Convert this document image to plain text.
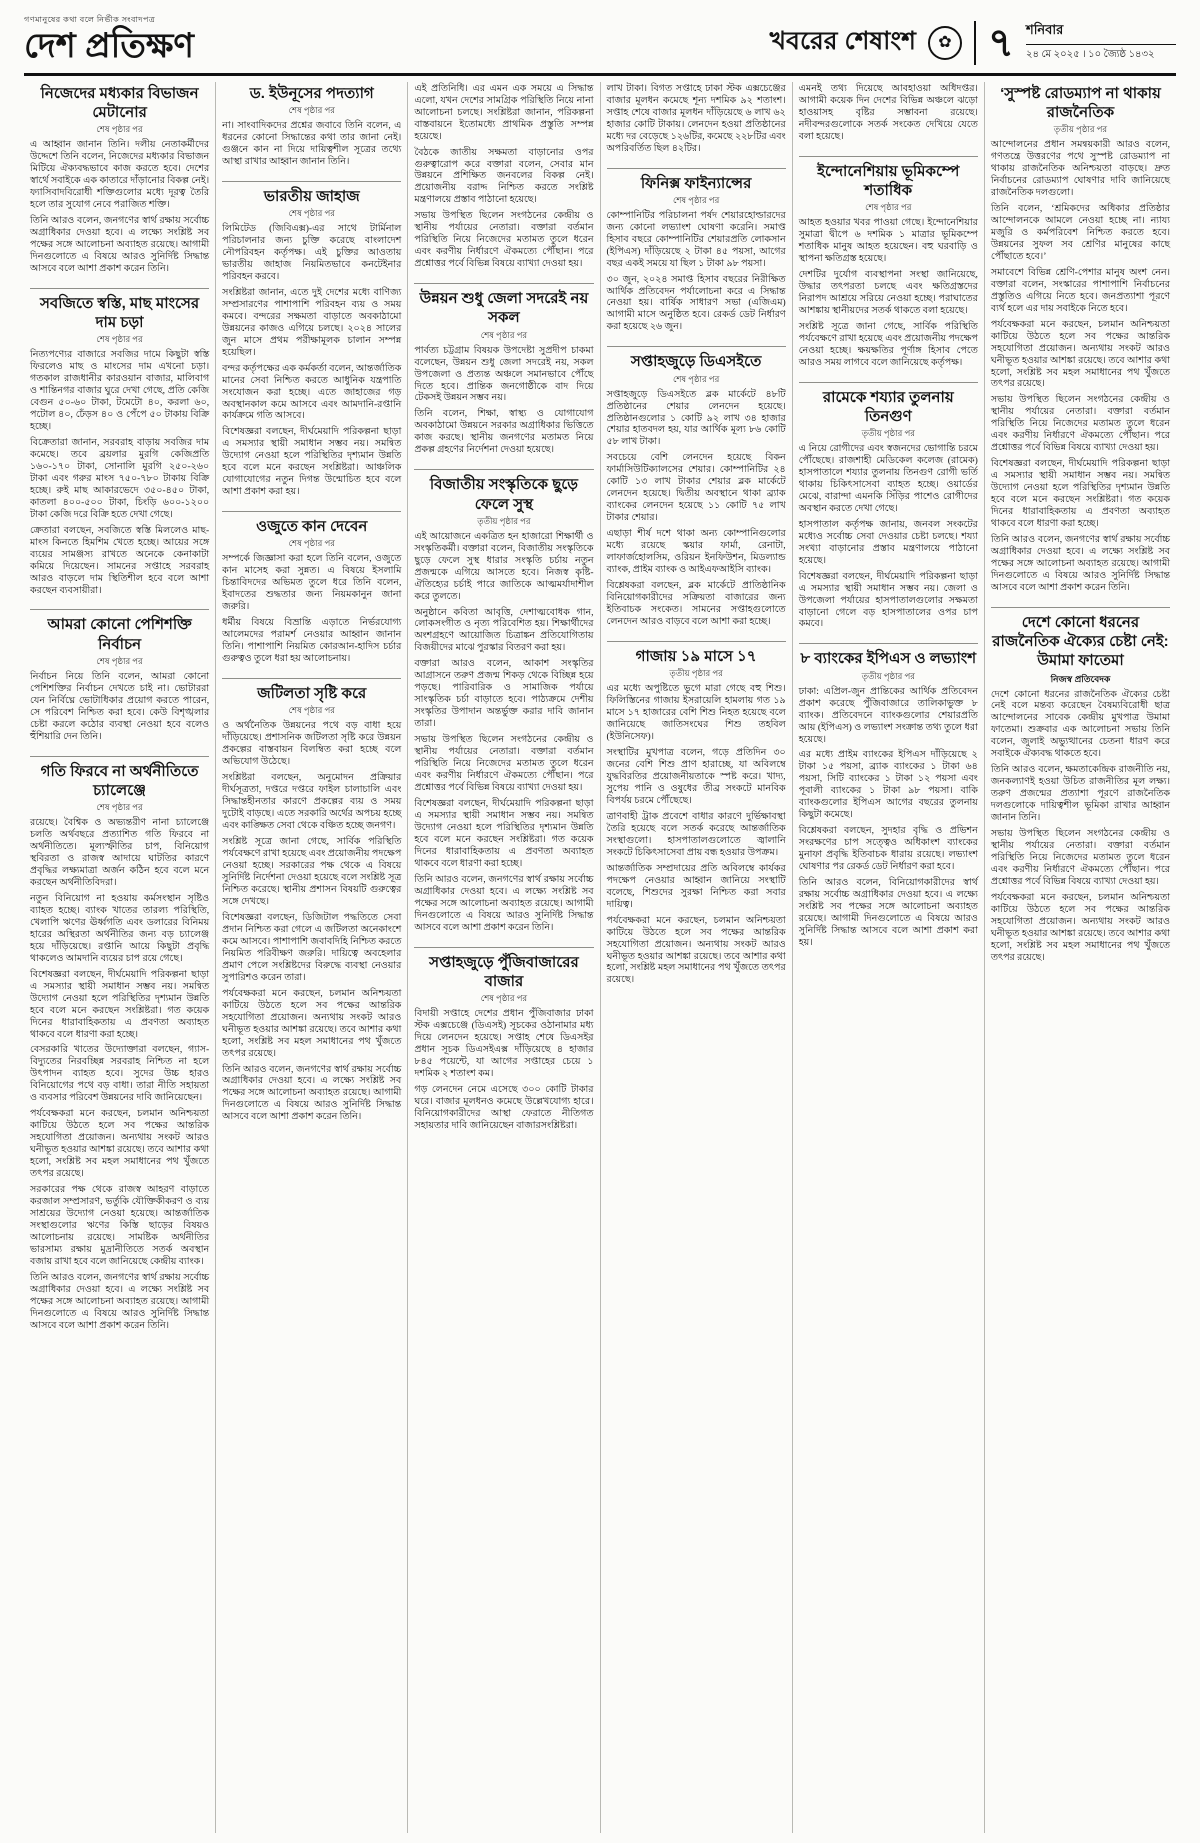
গণমানুষের কথা বলে নির্ভীক সংবাদপত্র
দেশ প্রতিক্ষণ	খবরের শেষাংশ	✿ ৭ শনিবার
২৪ মে ২০২৫ । ১০ জ্যৈষ্ঠ ১৪৩২
নিজেদের মধ্যকার বিভাজন মেটানোর
শেষ পৃষ্ঠার পর

এ আহ্বান জানান তিনি। দলীয় নেতাকর্মীদের উদ্দেশে তিনি বলেন, নিজেদের মধ্যকার বিভাজন মিটিয়ে ঐক্যবদ্ধভাবে কাজ করতে হবে। দেশের স্বার্থে সবাইকে এক কাতারে দাঁড়ানোর বিকল্প নেই। ফ্যাসিবাদবিরোধী শক্তিগুলোর মধ্যে দূরত্ব তৈরি হলে তার সুযোগ নেবে পরাজিত শক্তি।

তিনি আরও বলেন, জনগণের স্বার্থ রক্ষায় সর্বোচ্চ অগ্রাধিকার দেওয়া হবে। এ লক্ষ্যে সংশ্লিষ্ট সব পক্ষের সঙ্গে আলোচনা অব্যাহত রয়েছে। আগামী দিনগুলোতে এ বিষয়ে আরও সুনির্দিষ্ট সিদ্ধান্ত আসবে বলে আশা প্রকাশ করেন তিনি।

সবজিতে স্বস্তি, মাছ মাংসের দাম চড়া
শেষ পৃষ্ঠার পর

নিত্যপণ্যের বাজারে সবজির দামে কিছুটা স্বস্তি ফিরলেও মাছ ও মাংসের দাম এখনো চড়া। গতকাল রাজধানীর কারওয়ান বাজার, মালিবাগ ও শান্তিনগর বাজার ঘুরে দেখা গেছে, প্রতি কেজি বেগুন ৫০-৬০ টাকা, টমেটো ৪০, করলা ৬০, পটোল ৪০, ঢেঁড়স ৪০ ও পেঁপে ৫০ টাকায় বিক্রি হচ্ছে।

বিক্রেতারা জানান, সরবরাহ বাড়ায় সবজির দাম কমেছে। তবে ব্রয়লার মুরগি কেজিপ্রতি ১৬০-১৭০ টাকা, সোনালি মুরগি ২৫০-২৬০ টাকা এবং গরুর মাংস ৭৫০-৭৮০ টাকায় বিক্রি হচ্ছে। রুই মাছ আকারভেদে ৩৫০-৪৫০ টাকা, কাতলা ৪০০-৫০০ টাকা, চিংড়ি ৬০০-১২০০ টাকা কেজি দরে বিক্রি হতে দেখা গেছে।

ক্রেতারা বলছেন, সবজিতে স্বস্তি মিললেও মাছ-মাংস কিনতে হিমশিম খেতে হচ্ছে। আয়ের সঙ্গে ব্যয়ের সামঞ্জস্য রাখতে অনেকে কেনাকাটা কমিয়ে দিয়েছেন। সামনের সপ্তাহে সরবরাহ আরও বাড়লে দাম স্থিতিশীল হবে বলে আশা করছেন ব্যবসায়ীরা।

আমরা কোনো পেশিশক্তি নির্বাচন
শেষ পৃষ্ঠার পর

নির্বাচন নিয়ে তিনি বলেন, আমরা কোনো পেশিশক্তির নির্বাচন দেখতে চাই না। ভোটাররা যেন নির্বিঘ্নে ভোটাধিকার প্রয়োগ করতে পারেন, সে পরিবেশ নিশ্চিত করা হবে। কেউ বিশৃঙ্খলার চেষ্টা করলে কঠোর ব্যবস্থা নেওয়া হবে বলেও হুঁশিয়ারি দেন তিনি।

গতি ফিরবে না অর্থনীতিতে চ্যালেঞ্জে
শেষ পৃষ্ঠার পর

রয়েছে। বৈশ্বিক ও অভ্যন্তরীণ নানা চ্যালেঞ্জে চলতি অর্থবছরে প্রত্যাশিত গতি ফিরবে না অর্থনীতিতে। মূল্যস্ফীতির চাপ, বিনিয়োগ স্থবিরতা ও রাজস্ব আদায়ে ঘাটতির কারণে প্রবৃদ্ধির লক্ষ্যমাত্রা অর্জন কঠিন হবে বলে মনে করছেন অর্থনীতিবিদরা।

নতুন বিনিয়োগ না হওয়ায় কর্মসংস্থান সৃষ্টিও ব্যাহত হচ্ছে। ব্যাংক খাতের তারল্য পরিস্থিতি, খেলাপি ঋণের ঊর্ধ্বগতি এবং ডলারের বিনিময় হারের অস্থিরতা অর্থনীতির জন্য বড় চ্যালেঞ্জ হয়ে দাঁড়িয়েছে। রপ্তানি আয়ে কিছুটা প্রবৃদ্ধি থাকলেও আমদানি ব্যয়ের চাপ রয়ে গেছে।

বিশেষজ্ঞরা বলছেন, দীর্ঘমেয়াদি পরিকল্পনা ছাড়া এ সমস্যার স্থায়ী সমাধান সম্ভব নয়। সমন্বিত উদ্যোগ নেওয়া হলে পরিস্থিতির দৃশ্যমান উন্নতি হবে বলে মনে করছেন সংশ্লিষ্টরা। গত কয়েক দিনের ধারাবাহিকতায় এ প্রবণতা অব্যাহত থাকবে বলে ধারণা করা হচ্ছে।

বেসরকারি খাতের উদ্যোক্তারা বলছেন, গ্যাস-বিদ্যুতের নিরবচ্ছিন্ন সরবরাহ নিশ্চিত না হলে উৎপাদন ব্যাহত হবে। সুদের উচ্চ হারও বিনিয়োগের পথে বড় বাধা। তারা নীতি সহায়তা ও ব্যবসার পরিবেশ উন্নয়নের দাবি জানিয়েছেন।

পর্যবেক্ষকরা মনে করছেন, চলমান অনিশ্চয়তা কাটিয়ে উঠতে হলে সব পক্ষের আন্তরিক সহযোগিতা প্রয়োজন। অন্যথায় সংকট আরও ঘনীভূত হওয়ার আশঙ্কা রয়েছে। তবে আশার কথা হলো, সংশ্লিষ্ট সব মহল সমাধানের পথ খুঁজতে তৎপর রয়েছে।

সরকারের পক্ষ থেকে রাজস্ব আহরণ বাড়াতে করজাল সম্প্রসারণ, ভর্তুকি যৌক্তিকীকরণ ও ব্যয় সাশ্রয়ের উদ্যোগ নেওয়া হয়েছে। আন্তর্জাতিক সংস্থাগুলোর ঋণের কিস্তি ছাড়ের বিষয়ও আলোচনায় রয়েছে। সামষ্টিক অর্থনীতির ভারসাম্য রক্ষায় মুদ্রানীতিতে সতর্ক অবস্থান বজায় রাখা হবে বলে জানিয়েছে কেন্দ্রীয় ব্যাংক।

তিনি আরও বলেন, জনগণের স্বার্থ রক্ষায় সর্বোচ্চ অগ্রাধিকার দেওয়া হবে। এ লক্ষ্যে সংশ্লিষ্ট সব পক্ষের সঙ্গে আলোচনা অব্যাহত রয়েছে। আগামী দিনগুলোতে এ বিষয়ে আরও সুনির্দিষ্ট সিদ্ধান্ত আসবে বলে আশা প্রকাশ করেন তিনি।

ড. ইউনূসের পদত্যাগ
শেষ পৃষ্ঠার পর

না। সাংবাদিকদের প্রশ্নের জবাবে তিনি বলেন, এ ধরনের কোনো সিদ্ধান্তের কথা তার জানা নেই। গুঞ্জনে কান না দিয়ে দায়িত্বশীল সূত্রের তথ্যে আস্থা রাখার আহ্বান জানান তিনি।

ভারতীয় জাহাজ
শেষ পৃষ্ঠার পর

লিমিটেড (জিবিএক্স)-এর সাথে টার্মিনাল পরিচালনার জন্য চুক্তি করেছে বাংলাদেশ নৌপরিবহন কর্তৃপক্ষ। এই চুক্তির আওতায় ভারতীয় জাহাজ নিয়মিতভাবে কনটেইনার পরিবহন করবে।

সংশ্লিষ্টরা জানান, এতে দুই দেশের মধ্যে বাণিজ্য সম্প্রসারণের পাশাপাশি পরিবহন ব্যয় ও সময় কমবে। বন্দরের সক্ষমতা বাড়াতে অবকাঠামো উন্নয়নের কাজও এগিয়ে চলছে। ২০২৪ সালের জুন মাসে প্রথম পরীক্ষামূলক চালান সম্পন্ন হয়েছিল।

বন্দর কর্তৃপক্ষের এক কর্মকর্তা বলেন, আন্তর্জাতিক মানের সেবা নিশ্চিত করতে আধুনিক যন্ত্রপাতি সংযোজন করা হচ্ছে। এতে জাহাজের গড় অবস্থানকাল কমে আসবে এবং আমদানি-রপ্তানি কার্যক্রমে গতি আসবে।

বিশেষজ্ঞরা বলছেন, দীর্ঘমেয়াদি পরিকল্পনা ছাড়া এ সমস্যার স্থায়ী সমাধান সম্ভব নয়। সমন্বিত উদ্যোগ নেওয়া হলে পরিস্থিতির দৃশ্যমান উন্নতি হবে বলে মনে করছেন সংশ্লিষ্টরা। আঞ্চলিক যোগাযোগের নতুন দিগন্ত উন্মোচিত হবে বলে আশা প্রকাশ করা হয়।

ওজুতে কান দেবেন
শেষ পৃষ্ঠার পর

সম্পর্কে জিজ্ঞাসা করা হলে তিনি বলেন, ওজুতে কান মাসেহ করা সুন্নত। এ বিষয়ে ইসলামি চিন্তাবিদদের অভিমত তুলে ধরে তিনি বলেন, ইবাদতের শুদ্ধতার জন্য নিয়মকানুন জানা জরুরি।

ধর্মীয় বিষয়ে বিভ্রান্তি এড়াতে নির্ভরযোগ্য আলেমদের পরামর্শ নেওয়ার আহ্বান জানান তিনি। পাশাপাশি নিয়মিত কোরআন-হাদিস চর্চার গুরুত্বও তুলে ধরা হয় আলোচনায়।

জটিলতা সৃষ্টি করে
শেষ পৃষ্ঠার পর

ও অর্থনৈতিক উন্নয়নের পথে বড় বাধা হয়ে দাঁড়িয়েছে। প্রশাসনিক জটিলতা সৃষ্টি করে উন্নয়ন প্রকল্পের বাস্তবায়ন বিলম্বিত করা হচ্ছে বলে অভিযোগ উঠেছে।

সংশ্লিষ্টরা বলছেন, অনুমোদন প্রক্রিয়ার দীর্ঘসূত্রতা, দপ্তরে দপ্তরে ফাইল চালাচালি এবং সিদ্ধান্তহীনতার কারণে প্রকল্পের ব্যয় ও সময় দুটোই বাড়ছে। এতে সরকারি অর্থের অপচয় হচ্ছে এবং কাঙ্ক্ষিত সেবা থেকে বঞ্চিত হচ্ছে জনগণ।

সংশ্লিষ্ট সূত্রে জানা গেছে, সার্বিক পরিস্থিতি পর্যবেক্ষণে রাখা হয়েছে এবং প্রয়োজনীয় পদক্ষেপ নেওয়া হচ্ছে। সরকারের পক্ষ থেকে এ বিষয়ে সুনির্দিষ্ট নির্দেশনা দেওয়া হয়েছে বলে সংশ্লিষ্ট সূত্র নিশ্চিত করেছে। স্থানীয় প্রশাসন বিষয়টি গুরুত্বের সঙ্গে দেখছে।

বিশেষজ্ঞরা বলছেন, ডিজিটাল পদ্ধতিতে সেবা প্রদান নিশ্চিত করা গেলে এ জটিলতা অনেকাংশে কমে আসবে। পাশাপাশি জবাবদিহি নিশ্চিত করতে নিয়মিত পরিবীক্ষণ জরুরি। দায়িত্বে অবহেলার প্রমাণ পেলে সংশ্লিষ্টদের বিরুদ্ধে ব্যবস্থা নেওয়ার সুপারিশও করেন তারা।

পর্যবেক্ষকরা মনে করছেন, চলমান অনিশ্চয়তা কাটিয়ে উঠতে হলে সব পক্ষের আন্তরিক সহযোগিতা প্রয়োজন। অন্যথায় সংকট আরও ঘনীভূত হওয়ার আশঙ্কা রয়েছে। তবে আশার কথা হলো, সংশ্লিষ্ট সব মহল সমাধানের পথ খুঁজতে তৎপর রয়েছে।

তিনি আরও বলেন, জনগণের স্বার্থ রক্ষায় সর্বোচ্চ অগ্রাধিকার দেওয়া হবে। এ লক্ষ্যে সংশ্লিষ্ট সব পক্ষের সঙ্গে আলোচনা অব্যাহত রয়েছে। আগামী দিনগুলোতে এ বিষয়ে আরও সুনির্দিষ্ট সিদ্ধান্ত আসবে বলে আশা প্রকাশ করেন তিনি।

এই প্রতিনিধি। এর এমন এক সময়ে এ সিদ্ধান্ত এলো, যখন দেশের সামগ্রিক পরিস্থিতি নিয়ে নানা আলোচনা চলছে। সংশ্লিষ্টরা জানান, পরিকল্পনা বাস্তবায়নে ইতোমধ্যে প্রাথমিক প্রস্তুতি সম্পন্ন হয়েছে।

বৈঠকে জাতীয় সক্ষমতা বাড়ানোর ওপর গুরুত্বারোপ করে বক্তারা বলেন, সেবার মান উন্নয়নে প্রশিক্ষিত জনবলের বিকল্প নেই। প্রয়োজনীয় বরাদ্দ নিশ্চিত করতে সংশ্লিষ্ট মন্ত্রণালয়ে প্রস্তাব পাঠানো হয়েছে।

সভায় উপস্থিত ছিলেন সংগঠনের কেন্দ্রীয় ও স্থানীয় পর্যায়ের নেতারা। বক্তারা বর্তমান পরিস্থিতি নিয়ে নিজেদের মতামত তুলে ধরেন এবং করণীয় নির্ধারণে ঐকমত্যে পৌঁছান। পরে প্রশ্নোত্তর পর্বে বিভিন্ন বিষয়ে ব্যাখ্যা দেওয়া হয়।

উন্নয়ন শুধু জেলা সদরেই নয় সকল
শেষ পৃষ্ঠার পর

পার্বত্য চট্টগ্রাম বিষয়ক উপদেষ্টা সুপ্রদীপ চাকমা বলেছেন, উন্নয়ন শুধু জেলা সদরেই নয়, সকল উপজেলা ও প্রত্যন্ত অঞ্চলে সমানভাবে পৌঁছে দিতে হবে। প্রান্তিক জনগোষ্ঠীকে বাদ দিয়ে টেকসই উন্নয়ন সম্ভব নয়।

তিনি বলেন, শিক্ষা, স্বাস্থ্য ও যোগাযোগ অবকাঠামো উন্নয়নে সরকার অগ্রাধিকার ভিত্তিতে কাজ করছে। স্থানীয় জনগণের মতামত নিয়ে প্রকল্প গ্রহণের নির্দেশনা দেওয়া হয়েছে।

বিজাতীয় সংস্কৃতিকে ছুড়ে ফেলে সুস্থ
তৃতীয় পৃষ্ঠার পর

এই আয়োজনে একত্রিত হন হাজারো শিক্ষার্থী ও সংস্কৃতিকর্মী। বক্তারা বলেন, বিজাতীয় সংস্কৃতিকে ছুড়ে ফেলে সুস্থ ধারার সংস্কৃতি চর্চায় নতুন প্রজন্মকে এগিয়ে আসতে হবে। নিজস্ব কৃষ্টি-ঐতিহ্যের চর্চাই পারে জাতিকে আত্মমর্যাদাশীল করে তুলতে।

অনুষ্ঠানে কবিতা আবৃত্তি, দেশাত্মবোধক গান, লোকসংগীত ও নৃত্য পরিবেশিত হয়। শিক্ষার্থীদের অংশগ্রহণে আয়োজিত চিত্রাঙ্কন প্রতিযোগিতায় বিজয়ীদের মাঝে পুরস্কার বিতরণ করা হয়।

বক্তারা আরও বলেন, আকাশ সংস্কৃতির আগ্রাসনে তরুণ প্রজন্ম শিকড় থেকে বিচ্ছিন্ন হয়ে পড়ছে। পারিবারিক ও সামাজিক পর্যায়ে সাংস্কৃতিক চর্চা বাড়াতে হবে। পাঠ্যক্রমে দেশীয় সংস্কৃতির উপাদান অন্তর্ভুক্ত করার দাবি জানান তারা।

সভায় উপস্থিত ছিলেন সংগঠনের কেন্দ্রীয় ও স্থানীয় পর্যায়ের নেতারা। বক্তারা বর্তমান পরিস্থিতি নিয়ে নিজেদের মতামত তুলে ধরেন এবং করণীয় নির্ধারণে ঐকমত্যে পৌঁছান। পরে প্রশ্নোত্তর পর্বে বিভিন্ন বিষয়ে ব্যাখ্যা দেওয়া হয়।

বিশেষজ্ঞরা বলছেন, দীর্ঘমেয়াদি পরিকল্পনা ছাড়া এ সমস্যার স্থায়ী সমাধান সম্ভব নয়। সমন্বিত উদ্যোগ নেওয়া হলে পরিস্থিতির দৃশ্যমান উন্নতি হবে বলে মনে করছেন সংশ্লিষ্টরা। গত কয়েক দিনের ধারাবাহিকতায় এ প্রবণতা অব্যাহত থাকবে বলে ধারণা করা হচ্ছে।

তিনি আরও বলেন, জনগণের স্বার্থ রক্ষায় সর্বোচ্চ অগ্রাধিকার দেওয়া হবে। এ লক্ষ্যে সংশ্লিষ্ট সব পক্ষের সঙ্গে আলোচনা অব্যাহত রয়েছে। আগামী দিনগুলোতে এ বিষয়ে আরও সুনির্দিষ্ট সিদ্ধান্ত আসবে বলে আশা প্রকাশ করেন তিনি।

সপ্তাহজুড়ে পুঁজিবাজারের বাজার
শেষ পৃষ্ঠার পর

বিদায়ী সপ্তাহে দেশের প্রধান পুঁজিবাজার ঢাকা স্টক এক্সচেঞ্জে (ডিএসই) সূচকের ওঠানামার মধ্য দিয়ে লেনদেন হয়েছে। সপ্তাহ শেষে ডিএসইর প্রধান সূচক ডিএসইএক্স দাঁড়িয়েছে ৪ হাজার ৮৪৫ পয়েন্টে, যা আগের সপ্তাহের চেয়ে ১ দশমিক ২ শতাংশ কম।

গড় লেনদেন নেমে এসেছে ৩০০ কোটি টাকার ঘরে। বাজার মূলধনও কমেছে উল্লেখযোগ্য হারে। বিনিয়োগকারীদের আস্থা ফেরাতে নীতিগত সহায়তার দাবি জানিয়েছেন বাজারসংশ্লিষ্টরা।

লাখ টাকা। বিগত সপ্তাহে ঢাকা স্টক এক্সচেঞ্জের বাজার মূলধন কমেছে শূন্য দশমিক ৯২ শতাংশ। সপ্তাহ শেষে বাজার মূলধন দাঁড়িয়েছে ৬ লাখ ৬২ হাজার কোটি টাকায়। লেনদেন হওয়া প্রতিষ্ঠানের মধ্যে দর বেড়েছে ১২৬টির, কমেছে ২২৮টির এবং অপরিবর্তিত ছিল ৪২টির।

ফিনিক্স ফাইন্যান্সের
শেষ পৃষ্ঠার পর

কোম্পানিটির পরিচালনা পর্ষদ শেয়ারহোল্ডারদের জন্য কোনো লভ্যাংশ ঘোষণা করেনি। সমাপ্ত হিসাব বছরে কোম্পানিটির শেয়ারপ্রতি লোকসান (ইপিএস) দাঁড়িয়েছে ২ টাকা ৪৫ পয়সা, আগের বছর একই সময়ে যা ছিল ১ টাকা ৯৮ পয়সা।

৩০ জুন, ২০২৪ সমাপ্ত হিসাব বছরের নিরীক্ষিত আর্থিক প্রতিবেদন পর্যালোচনা করে এ সিদ্ধান্ত নেওয়া হয়। বার্ষিক সাধারণ সভা (এজিএম) আগামী মাসে অনুষ্ঠিত হবে। রেকর্ড ডেট নির্ধারণ করা হয়েছে ২৬ জুন।

সপ্তাহজুড়ে ডিএসইতে
শেষ পৃষ্ঠার পর

সপ্তাহজুড়ে ডিএসইতে ব্লক মার্কেটে ৪৮টি প্রতিষ্ঠানের শেয়ার লেনদেন হয়েছে। প্রতিষ্ঠানগুলোর ১ কোটি ৯২ লাখ ৩৪ হাজার শেয়ার হাতবদল হয়, যার আর্থিক মূল্য ৮৬ কোটি ৫৮ লাখ টাকা।

সবচেয়ে বেশি লেনদেন হয়েছে বিকন ফার্মাসিউটিক্যালসের শেয়ার। কোম্পানিটির ২৪ কোটি ১৩ লাখ টাকার শেয়ার ব্লক মার্কেটে লেনদেন হয়েছে। দ্বিতীয় অবস্থানে থাকা ব্র্যাক ব্যাংকের লেনদেন হয়েছে ১১ কোটি ৭৫ লাখ টাকার শেয়ার।

এছাড়া শীর্ষ দশে থাকা অন্য কোম্পানিগুলোর মধ্যে রয়েছে স্কয়ার ফার্মা, রেনাটা, লাফার্জহোলসিম, ওরিয়ন ইনফিউশন, মিডল্যান্ড ব্যাংক, প্রাইম ব্যাংক ও আইএফআইসি ব্যাংক।

বিশ্লেষকরা বলছেন, ব্লক মার্কেটে প্রাতিষ্ঠানিক বিনিয়োগকারীদের সক্রিয়তা বাজারের জন্য ইতিবাচক সংকেত। সামনের সপ্তাহগুলোতে লেনদেন আরও বাড়বে বলে আশা করা হচ্ছে।

গাজায় ১৯ মাসে ১৭
তৃতীয় পৃষ্ঠার পর

এর মধ্যে অপুষ্টিতে ভুগে মারা গেছে বহু শিশু। ফিলিস্তিনের গাজায় ইসরায়েলি হামলায় গত ১৯ মাসে ১৭ হাজারের বেশি শিশু নিহত হয়েছে বলে জানিয়েছে জাতিসংঘের শিশু তহবিল (ইউনিসেফ)।

সংস্থাটির মুখপাত্র বলেন, গড়ে প্রতিদিন ৩০ জনের বেশি শিশু প্রাণ হারাচ্ছে, যা অবিলম্বে যুদ্ধবিরতির প্রয়োজনীয়তাকে স্পষ্ট করে। খাদ্য, সুপেয় পানি ও ওষুধের তীব্র সংকটে মানবিক বিপর্যয় চরমে পৌঁছেছে।

ত্রাণবাহী ট্রাক প্রবেশে বাধার কারণে দুর্ভিক্ষাবস্থা তৈরি হয়েছে বলে সতর্ক করেছে আন্তর্জাতিক সংস্থাগুলো। হাসপাতালগুলোতে জ্বালানি সংকটে চিকিৎসাসেবা প্রায় বন্ধ হওয়ার উপক্রম।

আন্তর্জাতিক সম্প্রদায়ের প্রতি অবিলম্বে কার্যকর পদক্ষেপ নেওয়ার আহ্বান জানিয়ে সংস্থাটি বলেছে, শিশুদের সুরক্ষা নিশ্চিত করা সবার দায়িত্ব।

পর্যবেক্ষকরা মনে করছেন, চলমান অনিশ্চয়তা কাটিয়ে উঠতে হলে সব পক্ষের আন্তরিক সহযোগিতা প্রয়োজন। অন্যথায় সংকট আরও ঘনীভূত হওয়ার আশঙ্কা রয়েছে। তবে আশার কথা হলো, সংশ্লিষ্ট মহল সমাধানের পথ খুঁজতে তৎপর রয়েছে।

এমনই তথ্য দিয়েছে আবহাওয়া অধিদপ্তর। আগামী কয়েক দিন দেশের বিভিন্ন অঞ্চলে ঝড়ো হাওয়াসহ বৃষ্টির সম্ভাবনা রয়েছে। নদীবন্দরগুলোকে সতর্ক সংকেত দেখিয়ে যেতে বলা হয়েছে।

ইন্দোনেশিয়ায় ভূমিকম্পে শতাধিক
শেষ পৃষ্ঠার পর

আহত হওয়ার খবর পাওয়া গেছে। ইন্দোনেশিয়ার সুমাত্রা দ্বীপে ৬ দশমিক ১ মাত্রার ভূমিকম্পে শতাধিক মানুষ আহত হয়েছেন। বহু ঘরবাড়ি ও স্থাপনা ক্ষতিগ্রস্ত হয়েছে।

দেশটির দুর্যোগ ব্যবস্থাপনা সংস্থা জানিয়েছে, উদ্ধার তৎপরতা চলছে এবং ক্ষতিগ্রস্তদের নিরাপদ আশ্রয়ে সরিয়ে নেওয়া হচ্ছে। পরাঘাতের আশঙ্কায় স্থানীয়দের সতর্ক থাকতে বলা হয়েছে।

সংশ্লিষ্ট সূত্রে জানা গেছে, সার্বিক পরিস্থিতি পর্যবেক্ষণে রাখা হয়েছে এবং প্রয়োজনীয় পদক্ষেপ নেওয়া হচ্ছে। ক্ষয়ক্ষতির পূর্ণাঙ্গ হিসাব পেতে আরও সময় লাগবে বলে জানিয়েছে কর্তৃপক্ষ।

রামেকে শয্যার তুলনায় তিনগুণ
তৃতীয় পৃষ্ঠার পর

এ নিয়ে রোগীদের এবং স্বজনদের ভোগান্তি চরমে পৌঁছেছে। রাজশাহী মেডিকেল কলেজ (রামেক) হাসপাতালে শয্যার তুলনায় তিনগুণ রোগী ভর্তি থাকায় চিকিৎসাসেবা ব্যাহত হচ্ছে। ওয়ার্ডের মেঝে, বারান্দা এমনকি সিঁড়ির পাশেও রোগীদের অবস্থান করতে দেখা গেছে।

হাসপাতাল কর্তৃপক্ষ জানায়, জনবল সংকটের মধ্যেও সর্বোচ্চ সেবা দেওয়ার চেষ্টা চলছে। শয্যা সংখ্যা বাড়ানোর প্রস্তাব মন্ত্রণালয়ে পাঠানো হয়েছে।

বিশেষজ্ঞরা বলছেন, দীর্ঘমেয়াদি পরিকল্পনা ছাড়া এ সমস্যার স্থায়ী সমাধান সম্ভব নয়। জেলা ও উপজেলা পর্যায়ের হাসপাতালগুলোর সক্ষমতা বাড়ানো গেলে বড় হাসপাতালের ওপর চাপ কমবে।

৮ ব্যাংকের ইপিএস ও লভ্যাংশ
তৃতীয় পৃষ্ঠার পর

ঢাকা: এপ্রিল-জুন প্রান্তিকের আর্থিক প্রতিবেদন প্রকাশ করেছে পুঁজিবাজারে তালিকাভুক্ত ৮ ব্যাংক। প্রতিবেদনে ব্যাংকগুলোর শেয়ারপ্রতি আয় (ইপিএস) ও লভ্যাংশ সংক্রান্ত তথ্য তুলে ধরা হয়েছে।

এর মধ্যে প্রাইম ব্যাংকের ইপিএস দাঁড়িয়েছে ২ টাকা ১৫ পয়সা, ব্র্যাক ব্যাংকের ১ টাকা ৬৪ পয়সা, সিটি ব্যাংকের ১ টাকা ১২ পয়সা এবং পূবালী ব্যাংকের ১ টাকা ৯৮ পয়সা। বাকি ব্যাংকগুলোর ইপিএস আগের বছরের তুলনায় কিছুটা কমেছে।

বিশ্লেষকরা বলছেন, সুদহার বৃদ্ধি ও প্রভিশন সংরক্ষণের চাপ সত্ত্বেও অধিকাংশ ব্যাংকের মুনাফা প্রবৃদ্ধি ইতিবাচক ধারায় রয়েছে। লভ্যাংশ ঘোষণার পর রেকর্ড ডেট নির্ধারণ করা হবে।

তিনি আরও বলেন, বিনিয়োগকারীদের স্বার্থ রক্ষায় সর্বোচ্চ অগ্রাধিকার দেওয়া হবে। এ লক্ষ্যে সংশ্লিষ্ট সব পক্ষের সঙ্গে আলোচনা অব্যাহত রয়েছে। আগামী দিনগুলোতে এ বিষয়ে আরও সুনির্দিষ্ট সিদ্ধান্ত আসবে বলে আশা প্রকাশ করা হয়।

‘সুস্পষ্ট রোডম্যাপ না থাকায় রাজনৈতিক
তৃতীয় পৃষ্ঠার পর

আন্দোলনের প্রধান সমন্বয়কারী আরও বলেন, গণতন্ত্রে উত্তরণের পথে সুস্পষ্ট রোডম্যাপ না থাকায় রাজনৈতিক অনিশ্চয়তা বাড়ছে। দ্রুত নির্বাচনের রোডম্যাপ ঘোষণার দাবি জানিয়েছে রাজনৈতিক দলগুলো।

তিনি বলেন, ‘শ্রমিকদের অধিকার প্রতিষ্ঠার আন্দোলনকে আমলে নেওয়া হচ্ছে না। ন্যায্য মজুরি ও কর্মপরিবেশ নিশ্চিত করতে হবে। উন্নয়নের সুফল সব শ্রেণির মানুষের কাছে পৌঁছাতে হবে।’

সমাবেশে বিভিন্ন শ্রেণি-পেশার মানুষ অংশ নেন। বক্তারা বলেন, সংস্কারের পাশাপাশি নির্বাচনের প্রস্তুতিও এগিয়ে নিতে হবে। জনপ্রত্যাশা পূরণে ব্যর্থ হলে এর দায় সবাইকে নিতে হবে।

পর্যবেক্ষকরা মনে করছেন, চলমান অনিশ্চয়তা কাটিয়ে উঠতে হলে সব পক্ষের আন্তরিক সহযোগিতা প্রয়োজন। অন্যথায় সংকট আরও ঘনীভূত হওয়ার আশঙ্কা রয়েছে। তবে আশার কথা হলো, সংশ্লিষ্ট সব মহল সমাধানের পথ খুঁজতে তৎপর রয়েছে।

সভায় উপস্থিত ছিলেন সংগঠনের কেন্দ্রীয় ও স্থানীয় পর্যায়ের নেতারা। বক্তারা বর্তমান পরিস্থিতি নিয়ে নিজেদের মতামত তুলে ধরেন এবং করণীয় নির্ধারণে ঐকমত্যে পৌঁছান। পরে প্রশ্নোত্তর পর্বে বিভিন্ন বিষয়ে ব্যাখ্যা দেওয়া হয়।

বিশেষজ্ঞরা বলছেন, দীর্ঘমেয়াদি পরিকল্পনা ছাড়া এ সমস্যার স্থায়ী সমাধান সম্ভব নয়। সমন্বিত উদ্যোগ নেওয়া হলে পরিস্থিতির দৃশ্যমান উন্নতি হবে বলে মনে করছেন সংশ্লিষ্টরা। গত কয়েক দিনের ধারাবাহিকতায় এ প্রবণতা অব্যাহত থাকবে বলে ধারণা করা হচ্ছে।

তিনি আরও বলেন, জনগণের স্বার্থ রক্ষায় সর্বোচ্চ অগ্রাধিকার দেওয়া হবে। এ লক্ষ্যে সংশ্লিষ্ট সব পক্ষের সঙ্গে আলোচনা অব্যাহত রয়েছে। আগামী দিনগুলোতে এ বিষয়ে আরও সুনির্দিষ্ট সিদ্ধান্ত আসবে বলে আশা প্রকাশ করেন তিনি।

দেশে কোনো ধরনের রাজনৈতিক ঐক্যের চেষ্টা নেই: উমামা ফাতেমা
নিজস্ব প্রতিবেদক

দেশে কোনো ধরনের রাজনৈতিক ঐক্যের চেষ্টা নেই বলে মন্তব্য করেছেন বৈষম্যবিরোধী ছাত্র আন্দোলনের সাবেক কেন্দ্রীয় মুখপাত্র উমামা ফাতেমা। শুক্রবার এক আলোচনা সভায় তিনি বলেন, জুলাই অভ্যুত্থানের চেতনা ধারণ করে সবাইকে ঐক্যবদ্ধ থাকতে হবে।

তিনি আরও বলেন, ক্ষমতাকেন্দ্রিক রাজনীতি নয়, জনকল্যাণই হওয়া উচিত রাজনীতির মূল লক্ষ্য। তরুণ প্রজন্মের প্রত্যাশা পূরণে রাজনৈতিক দলগুলোকে দায়িত্বশীল ভূমিকা রাখার আহ্বান জানান তিনি।

সভায় উপস্থিত ছিলেন সংগঠনের কেন্দ্রীয় ও স্থানীয় পর্যায়ের নেতারা। বক্তারা বর্তমান পরিস্থিতি নিয়ে নিজেদের মতামত তুলে ধরেন এবং করণীয় নির্ধারণে ঐকমত্যে পৌঁছান। পরে প্রশ্নোত্তর পর্বে বিভিন্ন বিষয়ে ব্যাখ্যা দেওয়া হয়।

পর্যবেক্ষকরা মনে করছেন, চলমান অনিশ্চয়তা কাটিয়ে উঠতে হলে সব পক্ষের আন্তরিক সহযোগিতা প্রয়োজন। অন্যথায় সংকট আরও ঘনীভূত হওয়ার আশঙ্কা রয়েছে। তবে আশার কথা হলো, সংশ্লিষ্ট সব মহল সমাধানের পথ খুঁজতে তৎপর রয়েছে।
